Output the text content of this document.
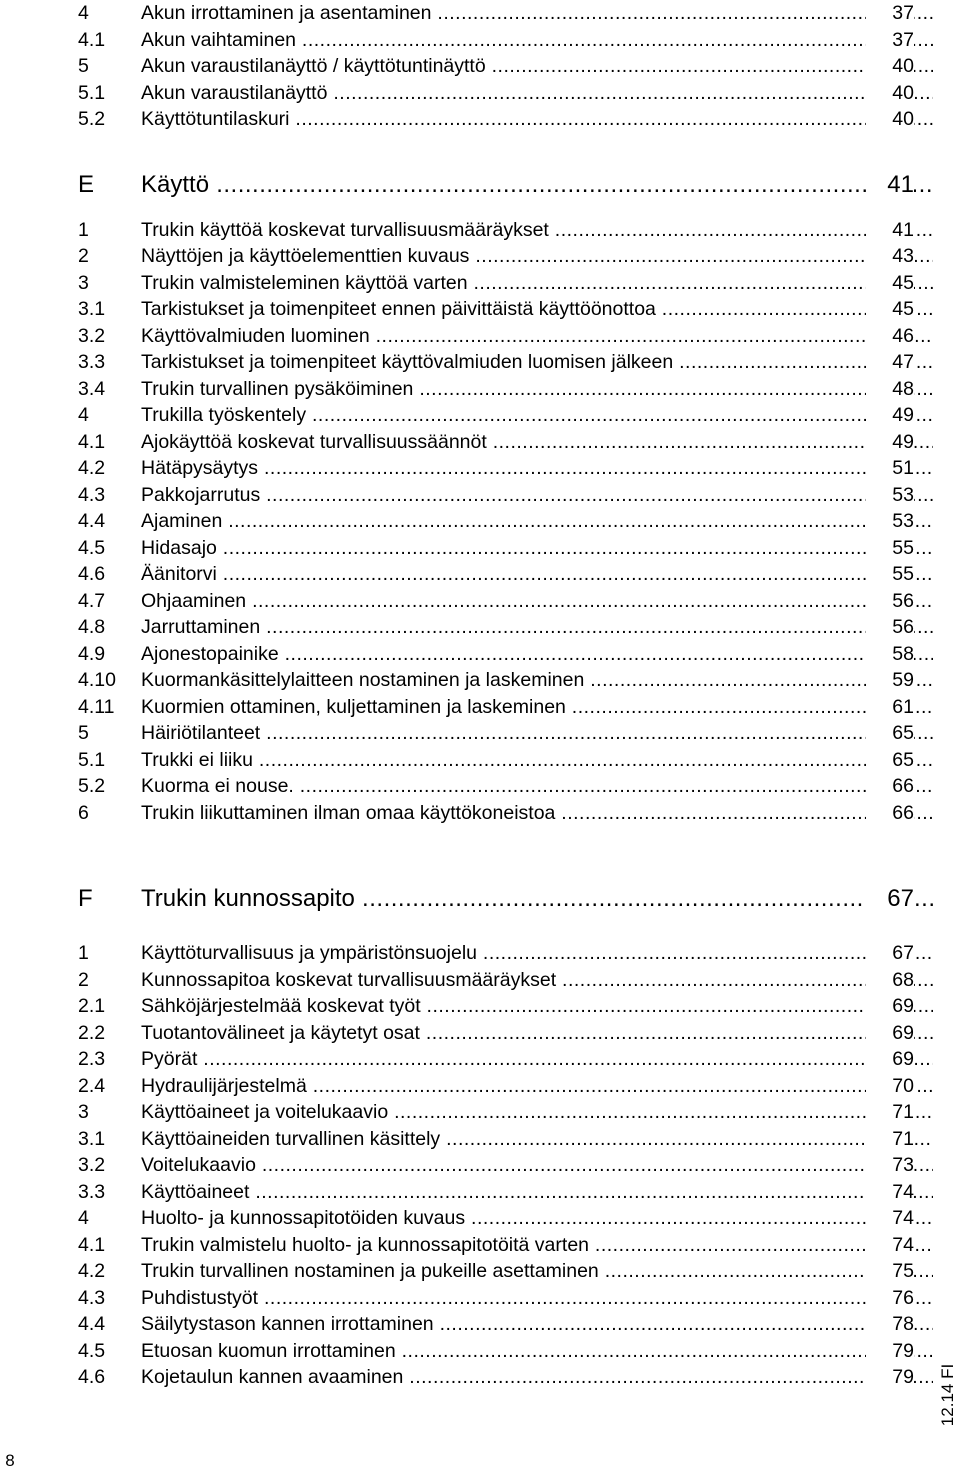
4	Akun irrottaminen ja asentaminen .....	37
4.1 Akun vaihtaminen .....	37
5	Akun varaustilanäyttö / käyttötuntinäyttö .....	40
5.1 Akun varaustilanäyttö .....	40
5.2 Käyttötuntilaskuri .....	40
E Käyttö .....	41
1	Trukin käyttöä koskevat turvallisuusmääräykset .....	41
2	Näyttöjen ja käyttöelementtien kuvaus .....	43
3	Trukin valmisteleminen käyttöä varten .....	45
3.1 Tarkistukset ja toimenpiteet ennen päivittäistä käyttöönottoa .....	45
3.2 Käyttövalmiuden luominen .....	46
3.3 Tarkistukset ja toimenpiteet käyttövalmiuden luomisen jälkeen .....	47
3.4 Trukin turvallinen pysäköiminen .....	48
4	Trukilla työskentely .....	49
4.1 Ajokäyttöä koskevat turvallisuussäännöt .....	49
4.2 Hätäpysäytys .....	51
4.3 Pakkojarrutus .....	53
4.4 Ajaminen .....	53
4.5 Hidasajo .....	55
4.6 Äänitorvi .....	55
4.7 Ohjaaminen .....	56
4.8 Jarruttaminen .....	56
4.9 Ajonestopainike .....	58
4.10 Kuormankäsittelylaitteen nostaminen ja laskeminen .....	59
4.11 Kuormien ottaminen, kuljettaminen ja laskeminen .....	61
5	Häiriötilanteet .....	65
5.1 Trukki ei liiku .....	65
5.2 Kuorma ei nouse. .....	66
6	Trukin liikuttaminen ilman omaa käyttökoneistoa .....	66
F Trukin kunnossapito .....	67
1	Käyttöturvallisuus ja ympäristönsuojelu .....	67
2	Kunnossapitoa koskevat turvallisuusmääräykset .....	68
2.1 Sähköjärjestelmää koskevat työt .....	69
2.2 Tuotantovälineet ja käytetyt osat .....	69
2.3 Pyörät .....	69
2.4 Hydraulijärjestelmä .....	70
3	Käyttöaineet ja voitelukaavio .....	71
3.1 Käyttöaineiden turvallinen käsittely .....	71
3.2 Voitelukaavio .....	73
3.3 Käyttöaineet .....	74
4	Huolto- ja kunnossapitotöiden kuvaus .....	74
4.1 Trukin valmistelu huolto- ja kunnossapitotöitä varten .....	74
4.2 Trukin turvallinen nostaminen ja pukeille asettaminen .....	75
4.3 Puhdistustyöt .....	76
4.4 Säilytystason kannen irrottaminen .....	78
4.5 Etuosan kuomun irrottaminen .....	79
4.6 Kojetaulun kannen avaaminen .....	79 12.14 FI
8
